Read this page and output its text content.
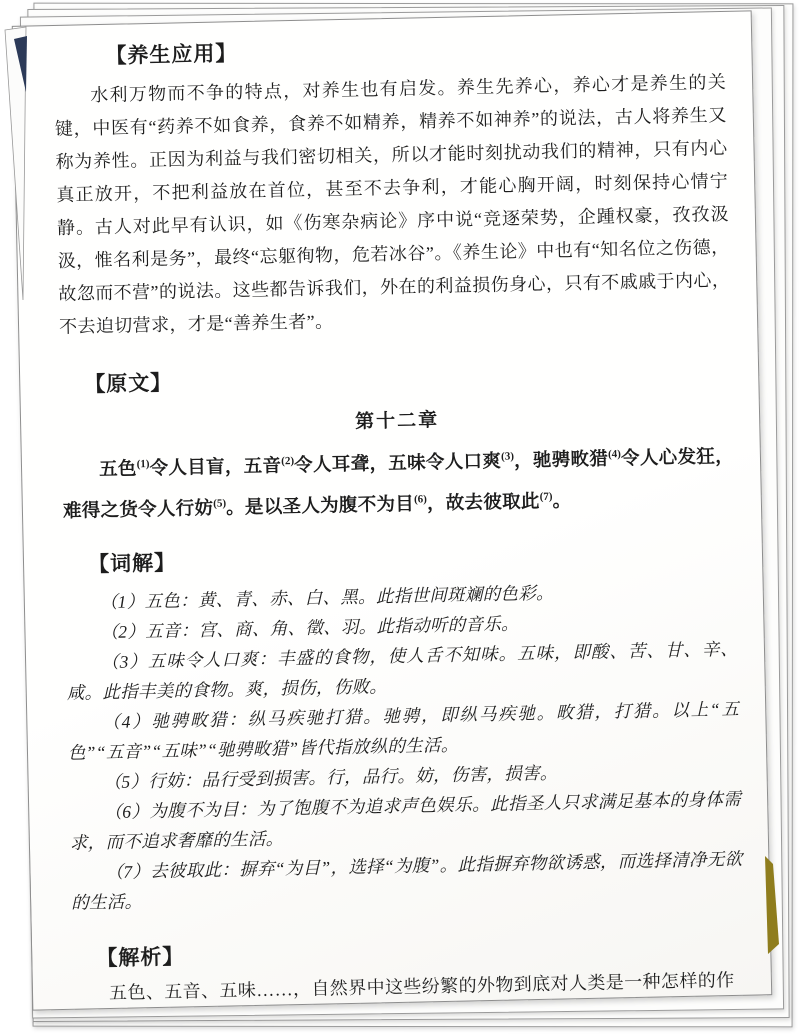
【养生应用】

水利万物而不争的特点，对养生也有启发。养生先养心，养心才是养生的关键，中医有“药养不如食养，食养不如精养，精养不如神养”的说法，古人将养生又称为养性。正因为利益与我们密切相关，所以才能时刻扰动我们的精神，只有内心真正放开，不把利益放在首位，甚至不去争利，才能心胸开阔，时刻保持心情宁静。古人对此早有认识，如《伤寒杂病论》序中说“竞逐荣势，企踵权豪，孜孜汲汲，惟名利是务”，最终“忘躯徇物，危若冰谷”。《养生论》中也有“知名位之伤德，故忽而不营”的说法。这些都告诉我们，外在的利益损伤身心，只有不戚戚于内心，不去迫切营求，才是“善养生者”。

【原文】
第十二章

五色$^{(1)}$令人目盲，五音$^{(2)}$令人耳聋，五味令人口爽$^{(3)}$，驰骋畋猎$^{(4)}$令人心发狂，难得之货令人行妨$^{(5)}$。是以圣人为腹不为目$^{(6)}$，故去彼取此$^{(7)}$。

【词解】

（1）五色：黄、青、赤、白、黑。此指世间斑斓的色彩。

（2）五音：宫、商、角、徵、羽。此指动听的音乐。

（3）五味令人口爽：丰盛的食物，使人舌不知味。五味，即酸、苦、甘、辛、咸。此指丰美的食物。爽，损伤，伤败。

（4）驰骋畋猎：纵马疾驰打猎。驰骋，即纵马疾驰。畋猎，打猎。以上“五色”“五音”“五味”“驰骋畋猎”皆代指放纵的生活。

（5）行妨：品行受到损害。行，品行。妨，伤害，损害。

（6）为腹不为目：为了饱腹不为追求声色娱乐。此指圣人只求满足基本的身体需求，而不追求奢靡的生活。

（7）去彼取此：摒弃“为目”，选择“为腹”。此指摒弃物欲诱惑，而选择清净无欲的生活。

【解析】

五色、五音、五味……，自然界中这些纷繁的外物到底对人类是一种怎样的作
